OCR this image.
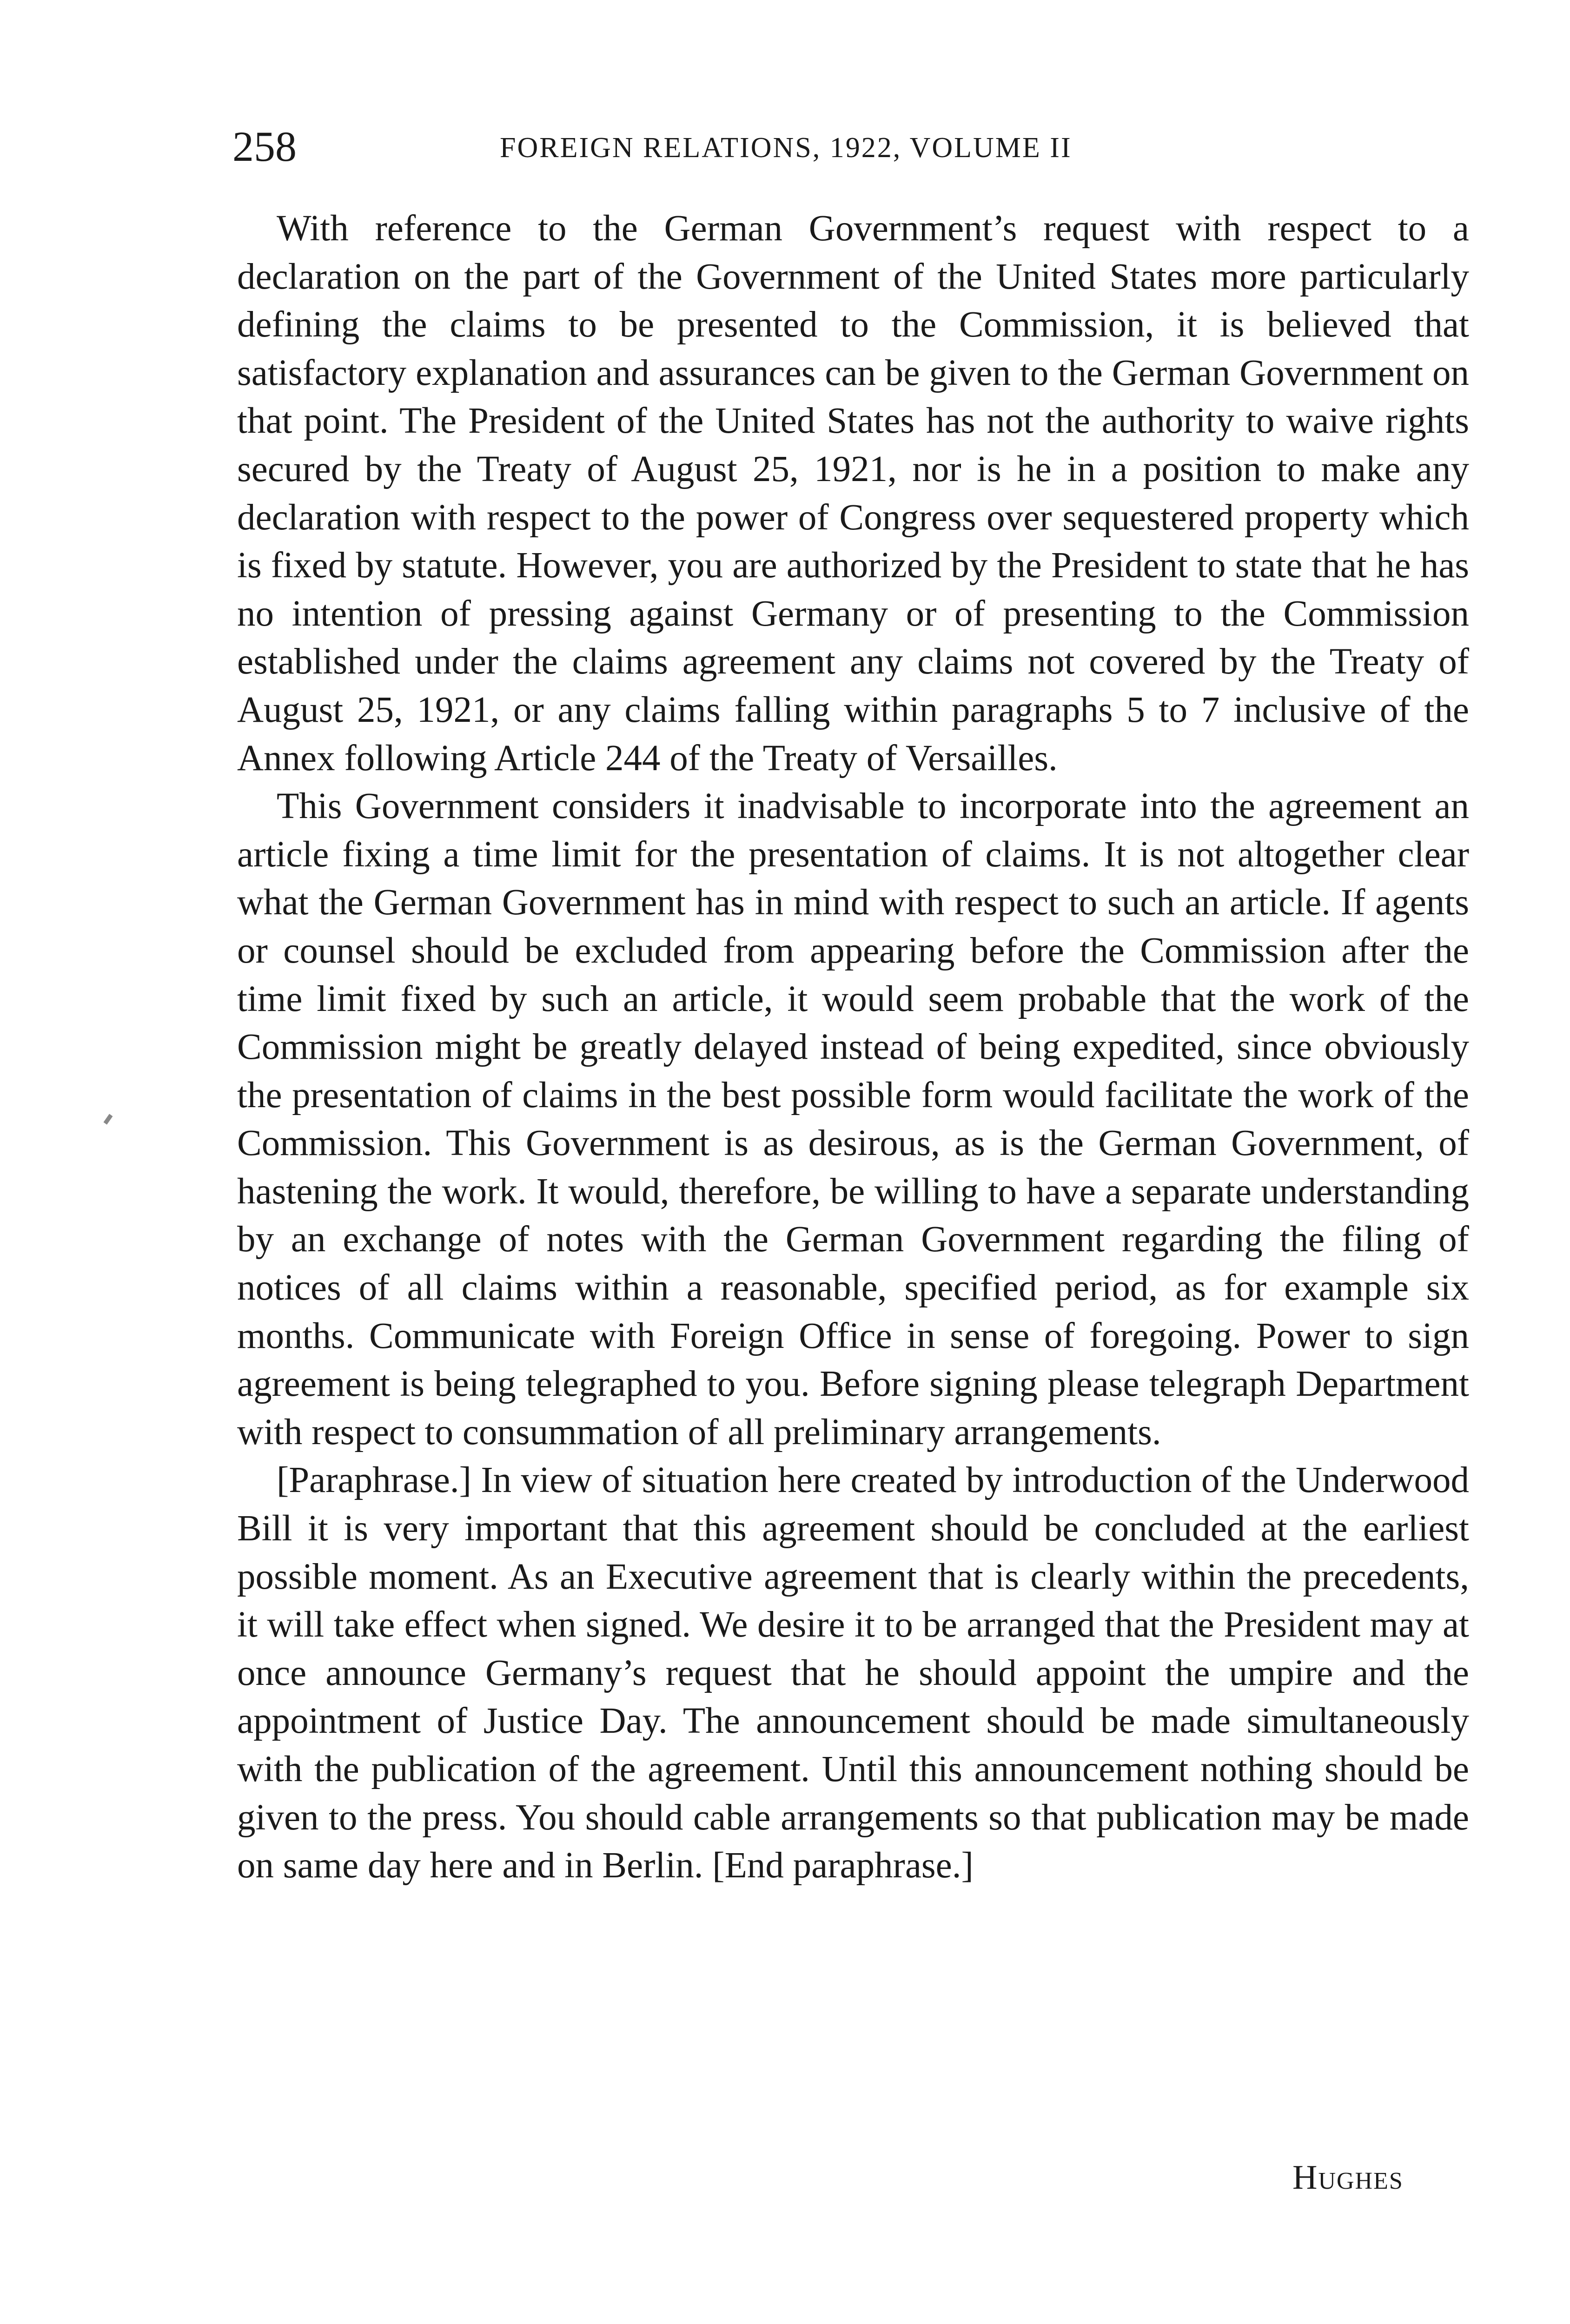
258	FOREIGN RELATIONS, 1922, VOLUME II

With reference to the German Government’s request with respect to a declaration on the part of the Government of the United States more particularly defining the claims to be presented to the Commission, it is believed that satisfactory explanation and assurances can be given to the German Government on that point. The President of the United States has not the authority to waive rights secured by the Treaty of August 25, 1921, nor is he in a position to make any declaration with respect to the power of Congress over sequestered property which is fixed by statute. However, you are authorized by the President to state that he has no intention of pressing against Germany or of presenting to the Commission established under the claims agreement any claims not covered by the Treaty of August 25, 1921, or any claims falling within paragraphs 5 to 7 inclusive of the Annex following Article 244 of the Treaty of Versailles.

This Government considers it inadvisable to incorporate into the agreement an article fixing a time limit for the presentation of claims. It is not altogether clear what the German Government has in mind with respect to such an article. If agents or counsel should be excluded from appearing before the Commission after the time limit fixed by such an article, it would seem probable that the work of the Commission might be greatly delayed instead of being expedited, since obviously the presentation of claims in the best possible form would facilitate the work of the Commission. This Government is as desirous, as is the German Government, of hastening the work. It would, therefore, be willing to have a separate understanding by an exchange of notes with the German Government regarding the filing of notices of all claims within a reasonable, specified period, as for example six months. Communicate with Foreign Office in sense of foregoing. Power to sign agreement is being telegraphed to you. Before signing please telegraph Department with respect to consummation of all preliminary arrangements.

[Paraphrase.] In view of situation here created by introduction of the Underwood Bill it is very important that this agreement should be concluded at the earliest possible moment. As an Executive agreement that is clearly within the precedents, it will take effect when signed. We desire it to be arranged that the President may at once announce Germany’s request that he should appoint the umpire and the appointment of Justice Day. The announcement should be made simultaneously with the publication of the agreement. Until this announcement nothing should be given to the press. You should cable arrangements so that publication may be made on same day here and in Berlin. [End paraphrase.]

Hughes
